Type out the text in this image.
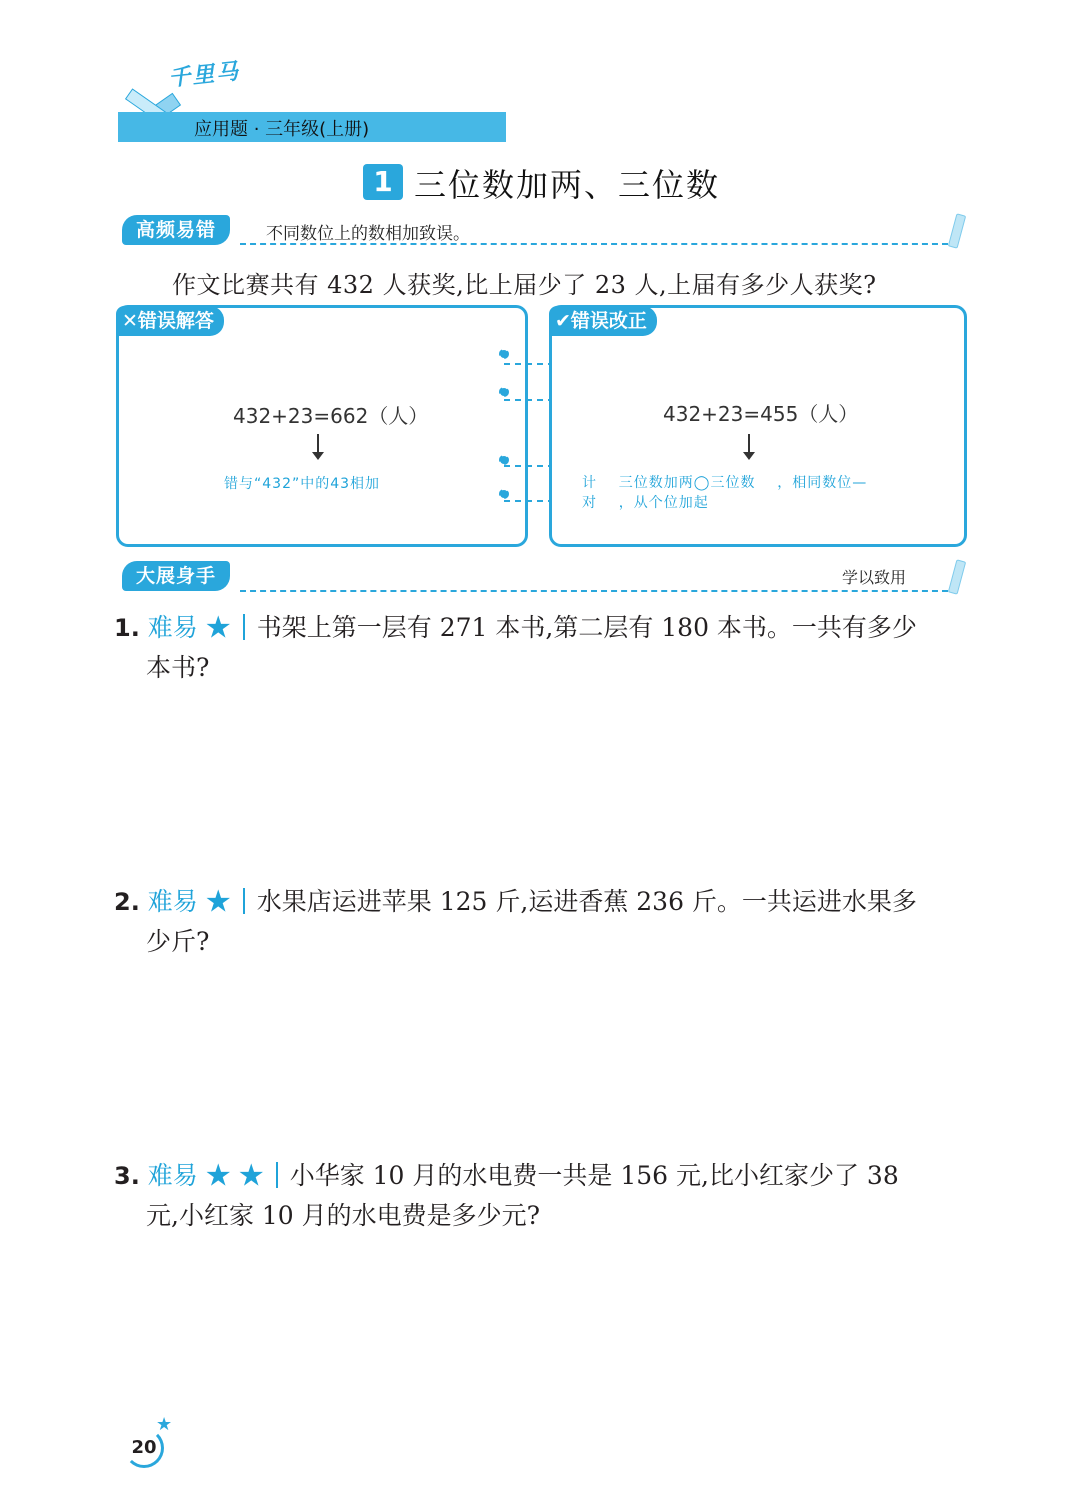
千里马
应用题 · 三年级(上册)
1 三位数加两、三位数
高频易错	不同数位上的数相加致误。
作文比赛共有 432 人获奖,比上届少了 23 人,上届有多少人获奖?
✕错误解答
432+23=662（人）
错与“432”中的43相加
✔错误改正
432+23=455（人）
计    三位数加两◯三位数    ，相同数位—
对    ，从个位加起
大展身手	学以致用
1. 难易 ★ 书架上第一层有 271 本书,第二层有 180 本书。一共有多少
本书?
2. 难易 ★ 水果店运进苹果 125 斤,运进香蕉 236 斤。一共运进水果多
少斤?
3. 难易 ★ ★ 小华家 10 月的水电费一共是 156 元,比小红家少了 38
元,小红家 10 月的水电费是多少元?
20
★
